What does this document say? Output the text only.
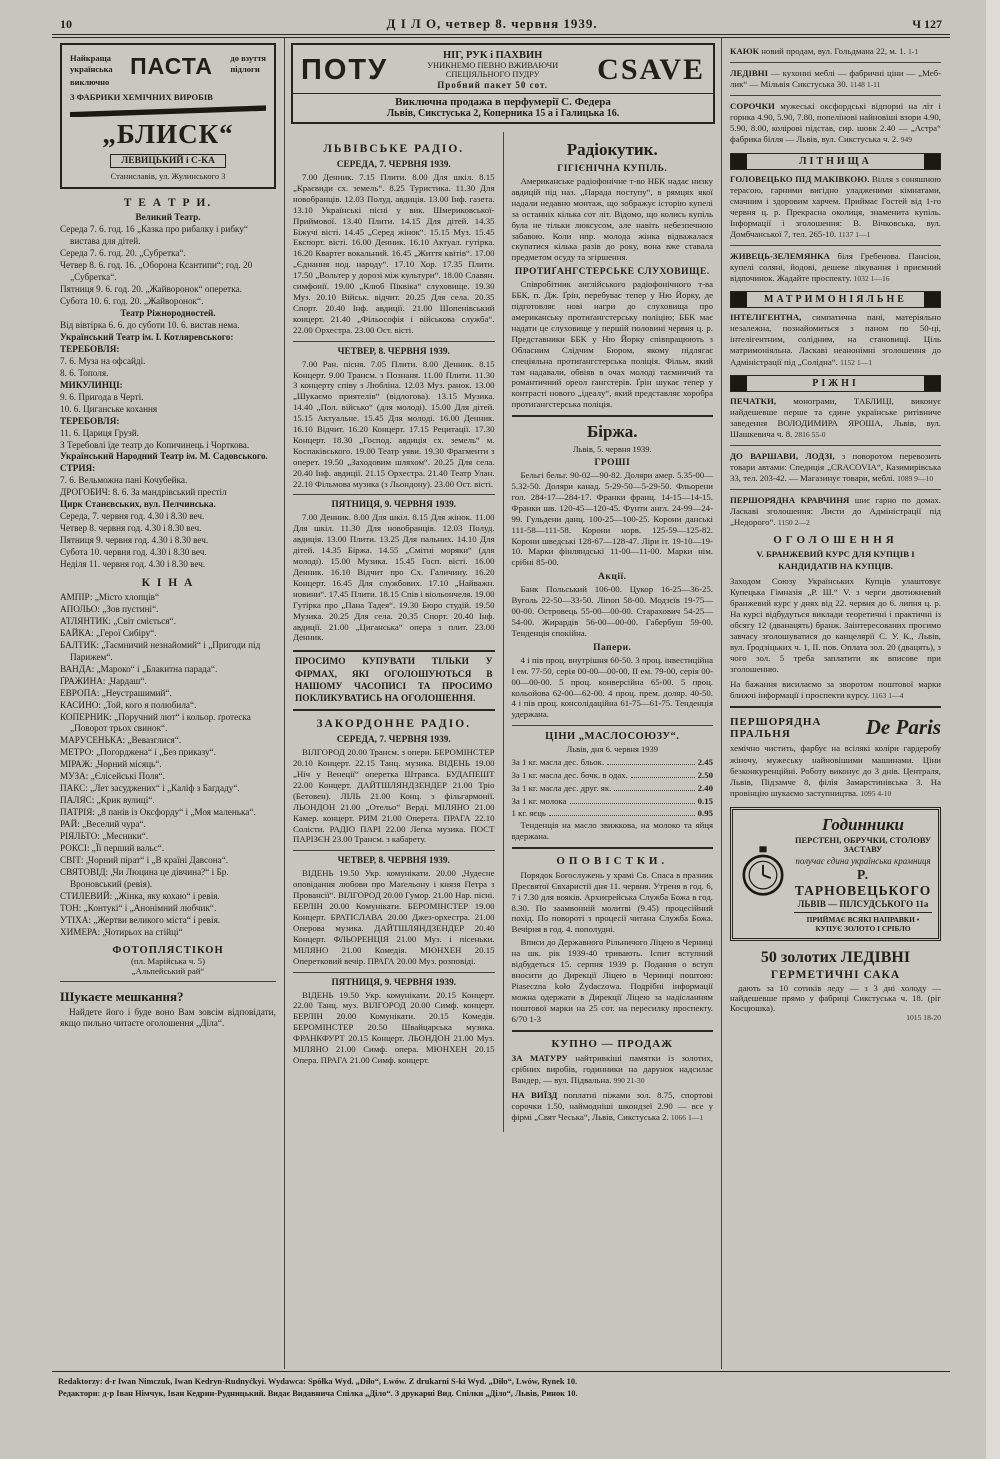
10	Д І Л О, четвер 8. червня 1939.	Ч 127

Найкраща

українська

виключно

ПАСТА до взуття

підлоги

З ФАБРИКИ ХЕМІЧНИХ ВИРОБІВ

„БЛИСК“
ЛЕВИЦЬКИЙ і С-КА

Станиславів, ул. Жулинського 3

Т Е А Т Р И.

Великий Театр.

Середа 7. 6. год. 16 „Казка про рибалку і рибку“ вистава для дітей.

Середа 7. 6. год. 20. „Субретка“.

Четвер 8. 6. год. 16. „Оборона Ксантипи“; год. 20 „Субретка“.

Пятниця 9. 6. год. 20. „Жайворонок“ оперетка.

Субота 10. 6. год. 20. „Жайворонок“.

Театр Ріжнородностей.

Від вівтірка 6. 6. до суботи 10. 6. вистав нема.

Український Театр ім. І. Котляревського:

ТЕРЕБОВЛЯ:

7. 6. Муза на офсайді.

8. 6. Тополя.

МИКУЛИНЦІ:

9. 6. Пригода в Черті.

10. 6. Циганське кохання

ТЕРЕБОВЛЯ:

11. 6. Цариця Грузй.

З Теребовлі їде театр до Копичинець і Чорткова.

Український Народний Театр ім. М. Садовського.

СТРИЯ:

7. 6. Вельможна пані Кочубейка.

ДРОГОБИЧ: 8. 6. За мандрівський престіл

Цирк Станєвських, вул. Пелчинська.

Середа, 7. червня год. 4.30 і 8.30 веч.

Четвер 8. червня год. 4.30 і 8.30 веч.

Пятниця 9. червня год. 4.30 і 8.30 веч.

Субота 10. червня год. 4.30 і 8.30 веч.

Неділя 11. червня год. 4.30 і 8.30 веч.

К І Н А

АМПІР: „Місто хлопців“

АПОЛЬО: „Зов пустині“.

АТЛЯНТИК: „Світ сміється“.

БАЙКА: „Герої Сибіру“.

БАЛТИК: „Таємничий незнайомий“ і „Пригоди під Парижем“.

ВАНДА: „Мароко“ і „Блакитна парада“.

ҐРАЖИНА: „Чардаш“.

ЕВРОПА: „Неустрашимий“.

КАСИНО: „Той, кого я полюбила“.

КОПЕРНИК: „Поручний лют“ і кольор. ґротеска „Поворот трьох свинок“.

МАРУСЕНЬКА: „Вевазглися“.

МЕТРО: „Погорджена“ і „Без приказу“.

МІРАЖ: „Чорний місяць“.

МУЗА: „Єлісейські Поля“.

ПАКС: „Лет засуджених“ і „Каліф з Багдаду“.

ПАЛЯС: „Крик вулиці“.

ПАТРІЯ: „8 панів із Оксфорду“ і „Моя маленька“.

РАЙ: „Веселий чура“.

РІЯЛЬТО: „Месники“.

РОКСІ: „Її перший вальс“.

СВІТ: „Чорний пірат“ і „В країні Давсона“.

СВЯТОВІД: „Чи Люцина це дівчина?“ і Бр. Вроновський (ревія).

СТИЛЕВИЙ: „Жінка, яку кохаю“ і ревія.

ТОН: „Контукі“ і „Анонімний любчик“.

УТІХА: „Жертви великого міста“ і ревія.

ХИМЕРА: „Чотирьох на стійці“

ФОТОПЛЯСТІКОН

(пл. Марійська ч. 5)

„Альпейський рай“

Шукаєте мешкання?

Найдете його і буде воно Вам зовсім відповідати, якщо пильно читаєте оголошення „Діла“.

ПОТУ	НІГ, РУК і ПАХВИН

УНИКНЕМО ПЕВНО ВЖИВАЮЧИ СПЕЦІЯЛЬНОГО ПУДРУ

Пробний пакет 50 сот.	CSAVE

Виключна продажа в перфумерії С. Федера

Львів, Сикстуська 2, Коперника 15 а і Галицька 16.

ЛЬВІВСЬКЕ РАДІО.
СЕРЕДА, 7. ЧЕРВНЯ 1939.

7.00 Денник. 7.15 Плити. 8.00 Для шкіл. 8.15 „Краєвиди сх. земель“. 8.25 Туристика. 11.30 Для новобранців. 12.03 Полуд. авдиція. 13.00 Інф. газета. 13.10 Українські пісні у вик. Шмериковської-Приймової. 13.40 Плити. 14.15 Для дітей. 14.35 Біжучі вісті. 14.45 „Серед жінок“. 15.15 Муз. 15.45 Експорт. вісті. 16.00 Денник. 16.10 Актуал. гутірка. 16.20 Квартет вокальний. 16.45 „Життя квітів“. 17.00 „Єднання под. народу“. 17.10 Хор. 17.35 Плити. 17.50 „Вольтер у дорозі між культури“. 18.00 Славян. симфонії. 19.00 „Клюб Піквіка“ слуховище. 19.30 Муз. 20.10 Військ. відчит. 20.25 Для села. 20.35 Спорт. 20.40 Інф. авдиції. 21.00 Шопенівський концерт. 21.40 „Фільософія і військова служба“. 22.00 Орхестра. 23.00 Ост. вісті.

ЧЕТВЕР, 8. ЧЕРВНЯ 1939.

7.00 Ран. пісня. 7.05 Плити. 8.00 Денник. 8.15 Концерт. 9.00 Трансм. з Познаня. 11.00 Плити. 11.30 З концерту співу з Любліна. 12.03 Муз. ранок. 13.00 „Шукаємо приятелів“ (відлогова). 13.15 Музика. 14.40 „Пол. військо“ (для молоді). 15.00 Для дітей. 15.15 Актуальне. 15.45 Для молоді. 16.00 Денник. 16.10 Відчит. 16.20 Концерт. 17.15 Рецитації. 17.30 Концерт. 18.30 „Господ. авдиція сх. земель“ м. Коспаківського. 19.00 Театр уяви. 19.30 Фрагменти з оперет. 19.50 „Заходовим шляхом“. 20.25 Для села. 20.40 Інф. авдиції. 21.15 Орхестра. 21.40 Театр Улан. 22.10 Фільмова музика (з Льондону). 23.00 Ост. вісті.

ПЯТНИЦЯ, 9. ЧЕРВНЯ 1939.

7.00 Денник. 8.00 Для шкіл. 8.15 Для жінок. 11.00 Для шкіл. 11.30 Для новобранців. 12.03 Полуд. авдиція. 13.00 Плити. 13.25 Для пальних. 14.10 Для дітей. 14.35 Біржа. 14.55 „Смітні моряки“ (для молоді). 15.00 Музика. 15.45 Госп. вісті. 16.00 Денник. 16.10 Відчит про Сх. Галичину. 16.20 Концерт. 16.45 Для службових. 17.10 „Найважн. новини“. 17.45 Плити. 18.15 Спів і віольончеля. 19.00 Гутірка про „Пана Тадея“. 19.30 Бюро студій. 19.50 Музика. 20.25 Для села. 20.35 Спорт. 20.40 Інф. авдиції. 21.00 „Циганська“ опера з плит. 23.00 Денник.

ПРОСИМО КУПУВАТИ ТІЛЬКИ У ФІРМАХ, ЯКІ ОГОЛОШУЮТЬСЯ В НАШОМУ ЧАСОПИСІ ТА ПРОСИМО ПОКЛИКУВАТИСЬ НА ОГОЛОШЕННЯ.

ЗАКОРДОННЕ РАДІО.
СЕРЕДА, 7. ЧЕРВНЯ 1939.

ВІЛГОРОД 20.00 Трансм. з опери. БЕРОМІНСТЕР 20.10 Концерт. 22.15 Танц. музика. ВІДЕНЬ 19.00 „Ніч у Венеції“ оперетка Штравса. БУДАПЕШТ 22.00 Концерт. ДАЙТШЛЯНДЗЕНДЕР 21.00 Тріо (Бетовен). ЛІЛЬ 21.00 Конц. з фільгармонії. ЛЬОНДОН 21.00 „Отельо“ Верді. МІЛЯНО 21.00 Камер. концерт. РИМ 21.00 Оперета. ПРАГА 22.10 Солісти. РАДІО ПАРІ 22.00 Легка музика. ПОСТ ПАРІЗЄН 23.00 Трансм. з кабарету.

ЧЕТВЕР, 8. ЧЕРВНЯ 1939.

ВІДЕНЬ 19.50 Укр. комунікати. 20.00 „Чудесне оповідання любови про Маґельону і князя Петра з Провансії“. ВІЛГОРОД 20.00 Гумор. 21.00 Нар. пісні. БЕРЛІН 20.00 Комунікати. БЕРОМІНСТЕР 19.00 Концерт. БРАТІСЛАВА 20.00 Джез-орхестра. 21.00 Оперова музика. ДАЙТШЛЯНДЗЕНДЕР 20.40 Концерт. ФЛЬОРЕНЦІЯ 21.00 Муз. і пісеньки. МІЛЯНО 21.00 Комедія. МЮНХЕН 20.15 Оперетковий вечір. ПРАГА 20.00 Муз. розповіді.

ПЯТНИЦЯ, 9. ЧЕРВНЯ 1939.

ВІДЕНЬ 19.50 Укр. комунікати. 20.15 Концерт. 22.00 Танц. муз. ВІЛГОРОД 20.00 Симф. концерт. БЕРЛІН 20.00 Комунікати. 20.15 Комедія. БЕРОМІНСТЕР 20.50 Швайцарська музика. ФРАНКФУРТ 20.15 Концерт. ЛЬОНДОН 21.00 Муз. МІЛЯНО 21.00 Симф. опера. МЮНХЕН 20.15 Опера. ПРАГА 21.00 Симф. концерт.

Радіокутик.
ГІГІЄНІЧНА КУПІЛЬ.

Американське радіофонічне т-во НБК надає низку авдицій під наз. „Парада поступу“, в рямцях якої надали недавно монтаж, що зображує історію купелі за останніх кілька сот літ. Відомо, що колись купіль була не тільки люксусом, але навіть небезпечною забавою. Коли нпр. молода жінка відважалася скупатися кілька разів до року, вона вже ставала предметом осуду та згіршення.

ПРОТИҐАНГСТЕРСЬКЕ СЛУХОВИЩЕ.

Співробітник англійського радіофонічного т-ва ББК, п. Дж. Ґрін, перебуває тепер у Ню Йорку, де підготовляє нові нагри до слуховища про американську протиґангстерську поліцію; ББК має надати це слуховище у першій половині червня ц. р. Представники ББК у Ню Йорку співпрацюють з Обласним Слідчим Бюром, якому підлягає спеціяльна протиґангстерська поліція. Фільм, який там надавали, обвіяв в очах молоді таємничий та романтичний ореол ґангстерів. Ґрін шукає тепер у контрасті нового „ідеалу“, який представляє хоробра протиґангстерська поліція.

Біржа.

Львів, 5. червня 1939.

ГРОШІ

Бельгі бельг. 90-02—90-82. Доляри амер. 5.35-00—5.32-50. Доляри канад. 5-29-50—5-29-50. Фльорени гол. 284-17—284-17. Франки франц. 14-15—14-15. Франки шв. 120-45—120-45. Фунти англ. 24-99—24-99. Гульдени данц. 100-25—100-25. Корони данські 111-58—111-58. Корони норв. 125-59—125-82. Корони шведські 128-67—128-47. Ліри іт. 19-10—19-10. Марки фінляндські 11-00—11-00. Марки нім. срібні 85-00.

Акції.

Банк Польський 106-00. Цукор 16-25—36-25. Вуголь 22-50—33-50. Ліпоп 58-00. Модзєїв 19-75—00-00. Островець 55-00—00-00. Старахович 54-25—54-00. Жирардів 56-00—00-00. Габербуш 59-00. Тенденція спокійна.

Папери.

4 і пів проц. внутрішня 60-50. 3 проц. інвестиційна І ем. 77-50, серія 00-00—00-00, ІІ ем. 79-00, серія 00-00—00-00. 5 проц. конверсійна 65-00. 5 проц. кольойова 62-00—62-00. 4 проц. прем. доляр. 40-50. 4 і пів проц. консолідаційна 61-75—61-75. Тенденція удержана.

ЦІНИ „МАСЛОСОЮЗУ“.

Львів, дня 6. червня 1939

За 1 кг. масла дес. бльок.	2.45
За 1 кг. масла дес. бочк. в одах.	2.50
За 1 кг. масла дес. друг. як.	2.40
За 1 кг. молока	0.15
1 кг. яєць	0.95

Тенденція на масло звижкова, на молоко та яйця вдержана.

ОПОВІСТКИ.

Порядок Богослужень у храмі Св. Спаса в празник Пресвятої Євхаристії дня 11. червня. Утреня в год. 6, 7 і 7.30 для вояків. Архиєрейська Служба Божа в год. 8.30. По заамвонній молитві (9.45) процесійний похід. По повороті з процесії читана Служба Божа. Вечірня в год. 4. пополудні.

Вписи до Державного Рільничого Ліцею в Черниці на шк. рік 1939-40 тривають. Іспит вступний відбудеться 15. серпня 1939 р. Подання о вступ вносити до Дирекції Ліцею в Черниці поштою: Piaseczna koło Żydaczowa. Подрібні інформації можна одержати в Дирекції Ліцею за надісланням поштової марки на 25 сот. на пересилку проспекту. 6/70 1-3

КУПНО — ПРОДАЖ

ЗА МАТУРУ найтривкіші памятки із золотих, срібних виробів, годинники на дарунок надсилає Вандер, — вул. Підвальна. 990 21-30

НА ВИЇЗД поплатні піжами зол. 8.75, спортові сорочки 1.50, наймодніші шкондзеї 2.90 — все у фірмі „Свят Чеська“, Львів, Сикстуська 2. 1066 1—1

КАЮК новий продам, вул. Гольдмана 22, м. 1. 1-1

ЛЕДІВНІ — кухонні меблі — фабричні ціни — „Меб-лик“ — Мільвія Сикстуська 30. 1148 1-11

СОРОЧКИ мужеські оксфордські відпорні на літ і горнка 4.90, 5.90, 7.80, попелінові найновіші взори 4.90, 5.90, 8.00, колірові підстав, сир. шовк 2.40 — „Астра“ фабрика білля — Львів, вул. Сикстуська ч. 2. 949

ЛІТНИЩА

ГОЛОВЕЦЬКО ПІД МАКІВКОЮ. Вілля з соняшною терасою, гарними вигідно уладженими кімнатами, смачним і здоровим харчем. Приймає Гостей від 1-го червня ц. р. Прекрасна околиця, знаменита купіль. Інформації і зголошення: В. Вічковська, вул. Домбчанської 7, тел. 265-10. 1137 1—1

ЖИВЕЦЬ-ЗЕЛЕМЯНКА біля Гребенова. Пансіон, купелі соляні, йодові, дешеве лікування і приємний відпочинок. Жадайте проспекту. 1032 1—16

МАТРИМОНІЯЛЬНЕ

ІНТЕЛІГЕНТНА, симпатична пані, матеріяльно незалежна, познайомиться з паном по 50-ці, інтелігентним, солідним, на становищі. Ціль матримоніяльна. Ласкаві неанонімні зголошення до Адміністрації під „Солідна“. 1152 1—1

РІЖНІ

ПЕЧАТКИ, монограми, ТАБЛИЦІ, виконує найдешевше перше та єдине українське ритівниче заведення ВОЛОДИМИРА ЯРОША, Львів, вул. Шашкевича ч. 8. 2816 55-0

ДО ВАРШАВИ, ЛОДЗІ, з поворотом перевозить товари автами: Спедиція „CRACOVIA“, Казимирівська 33, тел. 203-42. — Магазинує товари, меблі. 1089 9—10

ПЕРШОРЯДНА КРАВЧИНЯ шиє гарно по домах. Ласкаві зголошення: Листи до Адміністрації під „Недорого“. 1150 2—2

ОГОЛОШЕННЯ

V. БРАНЖЕВИЙ КУРС ДЛЯ КУПЦІВ І КАНДИДАТІВ НА КУПЦІВ.

Заходом Союзу Українських Купців улаштовує Купецька Гімназія „Р. Ш.“ V. з черги двотижневий бранжевий курс у днях від 22. червня до 6. липня ц. р. На курсі відбудуться виклади теоретичні і практичні із обсягу 12 (дванацять) бранж. Заінтересованих просимо завчасу зголошуватися до канцелярії С. У. К., Львів, вул. Ґродзіцьких ч. 1, ІІ. пов. Оплата зол. 20 (двацять), з чого зол. 5 треба заплатити як вписове при зголошенню.

На бажання висилаємо за зворотом поштової марки ближчі інформації і проспекти курсу. 1163 1—4

ПЕРШОРЯДНА

ПРАЛЬНЯ	De Paris

хемічно чистить, фарбує на всілякі коліри гардеробу жіночу, мужеську найновішими машинами. Ціни безконкуренційні. Роботу виконує до 3 днів. Централя, Львів, Підзамче 8, філія Замарстинівська 3. На провінцію шукаємо заступництва. 1095 4-10

Годинники
ПЕРСТЕНІ, ОБРУЧКИ, СТОЛОВУ ЗАСТАВУ
получає єдина українська крамниця
Р. ТАРНОВЕЦЬКОГО
ЛЬВІВ — ПІЛСУДСЬКОГО 11а
ПРИЙМАЄ ВСЯКІ НАПРАВКИ • КУПУЄ ЗОЛОТО І СРІБЛО
50 золотих ЛЕДІВНІ
ГЕРМЕТИЧНІ САКА

дають за 10 сотиків леду — з 3 дні холоду — найдешевше прямо у фабриці Сикстуська ч. 18. (ріг Косцюшка).

1015 18-20

Redaktorzy: d-r Iwan Nimczuk, Iwan Kedryn-Rudnyćkyi. Wydawca: Spółka Wyd. „Diło“, Lwów. Z drukarni S-ki Wyd. „Diło“, Lwów, Rynek 10.

Редактори: д-р Іван Німчук, Іван Кедрин-Рудницький. Видає Видавнича Спілка „Діло“. З друкарні Вид. Спілки „Діло“, Львів, Ринок 10.
